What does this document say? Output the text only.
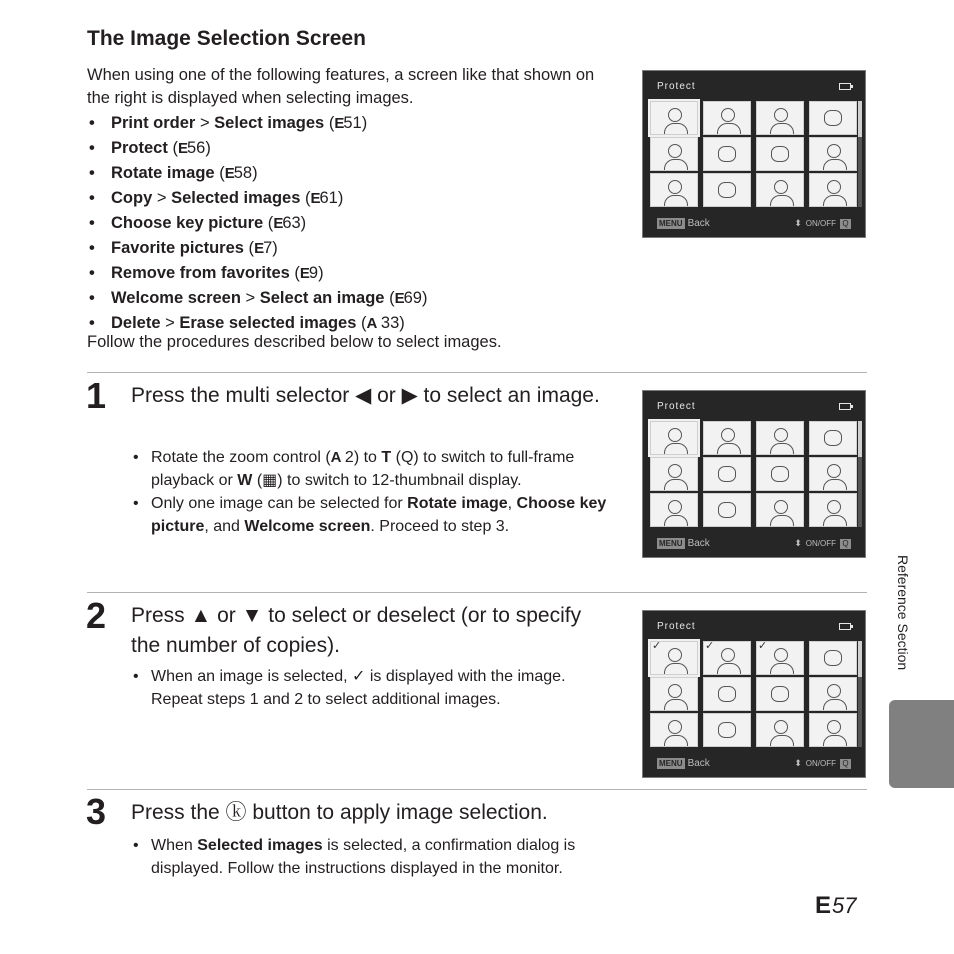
The Image Selection Screen

When using one of the following features, a screen like that shown on the right is displayed when selecting images.

• Print order > Select images (E51)
• Protect (E56)
• Rotate image (E58)
• Copy > Selected images (E61)
• Choose key picture (E63)
• Favorite pictures (E7)
• Remove from favorites (E9)
• Welcome screen > Select an image (E69)
• Delete > Erase selected images (A 33)

Follow the procedures described below to select images.

1 Press the multi selector ◀ or ▶ to select an image.
• Rotate the zoom control (A 2) to T (Q) to switch to full-frame playback or W (▦) to switch to 12-thumbnail display.
• Only one image can be selected for Rotate image, Choose key picture, and Welcome screen. Proceed to step 3.
2 Press ▲ or ▼ to select or deselect (or to specify the number of copies).
• When an image is selected, ✓ is displayed with the image. Repeat steps 1 and 2 to select additional images.
3 Press the ⓚ button to apply image selection.
• When Selected images is selected, a confirmation dialog is displayed. Follow the instructions displayed in the monitor.
Protect
MENU Back	⬍ ON/OFF Q
Protect
MENU Back	⬍ ON/OFF Q
Protect
✓	✓	✓
MENU Back	⬍ ON/OFF Q
Reference Section
E 57
